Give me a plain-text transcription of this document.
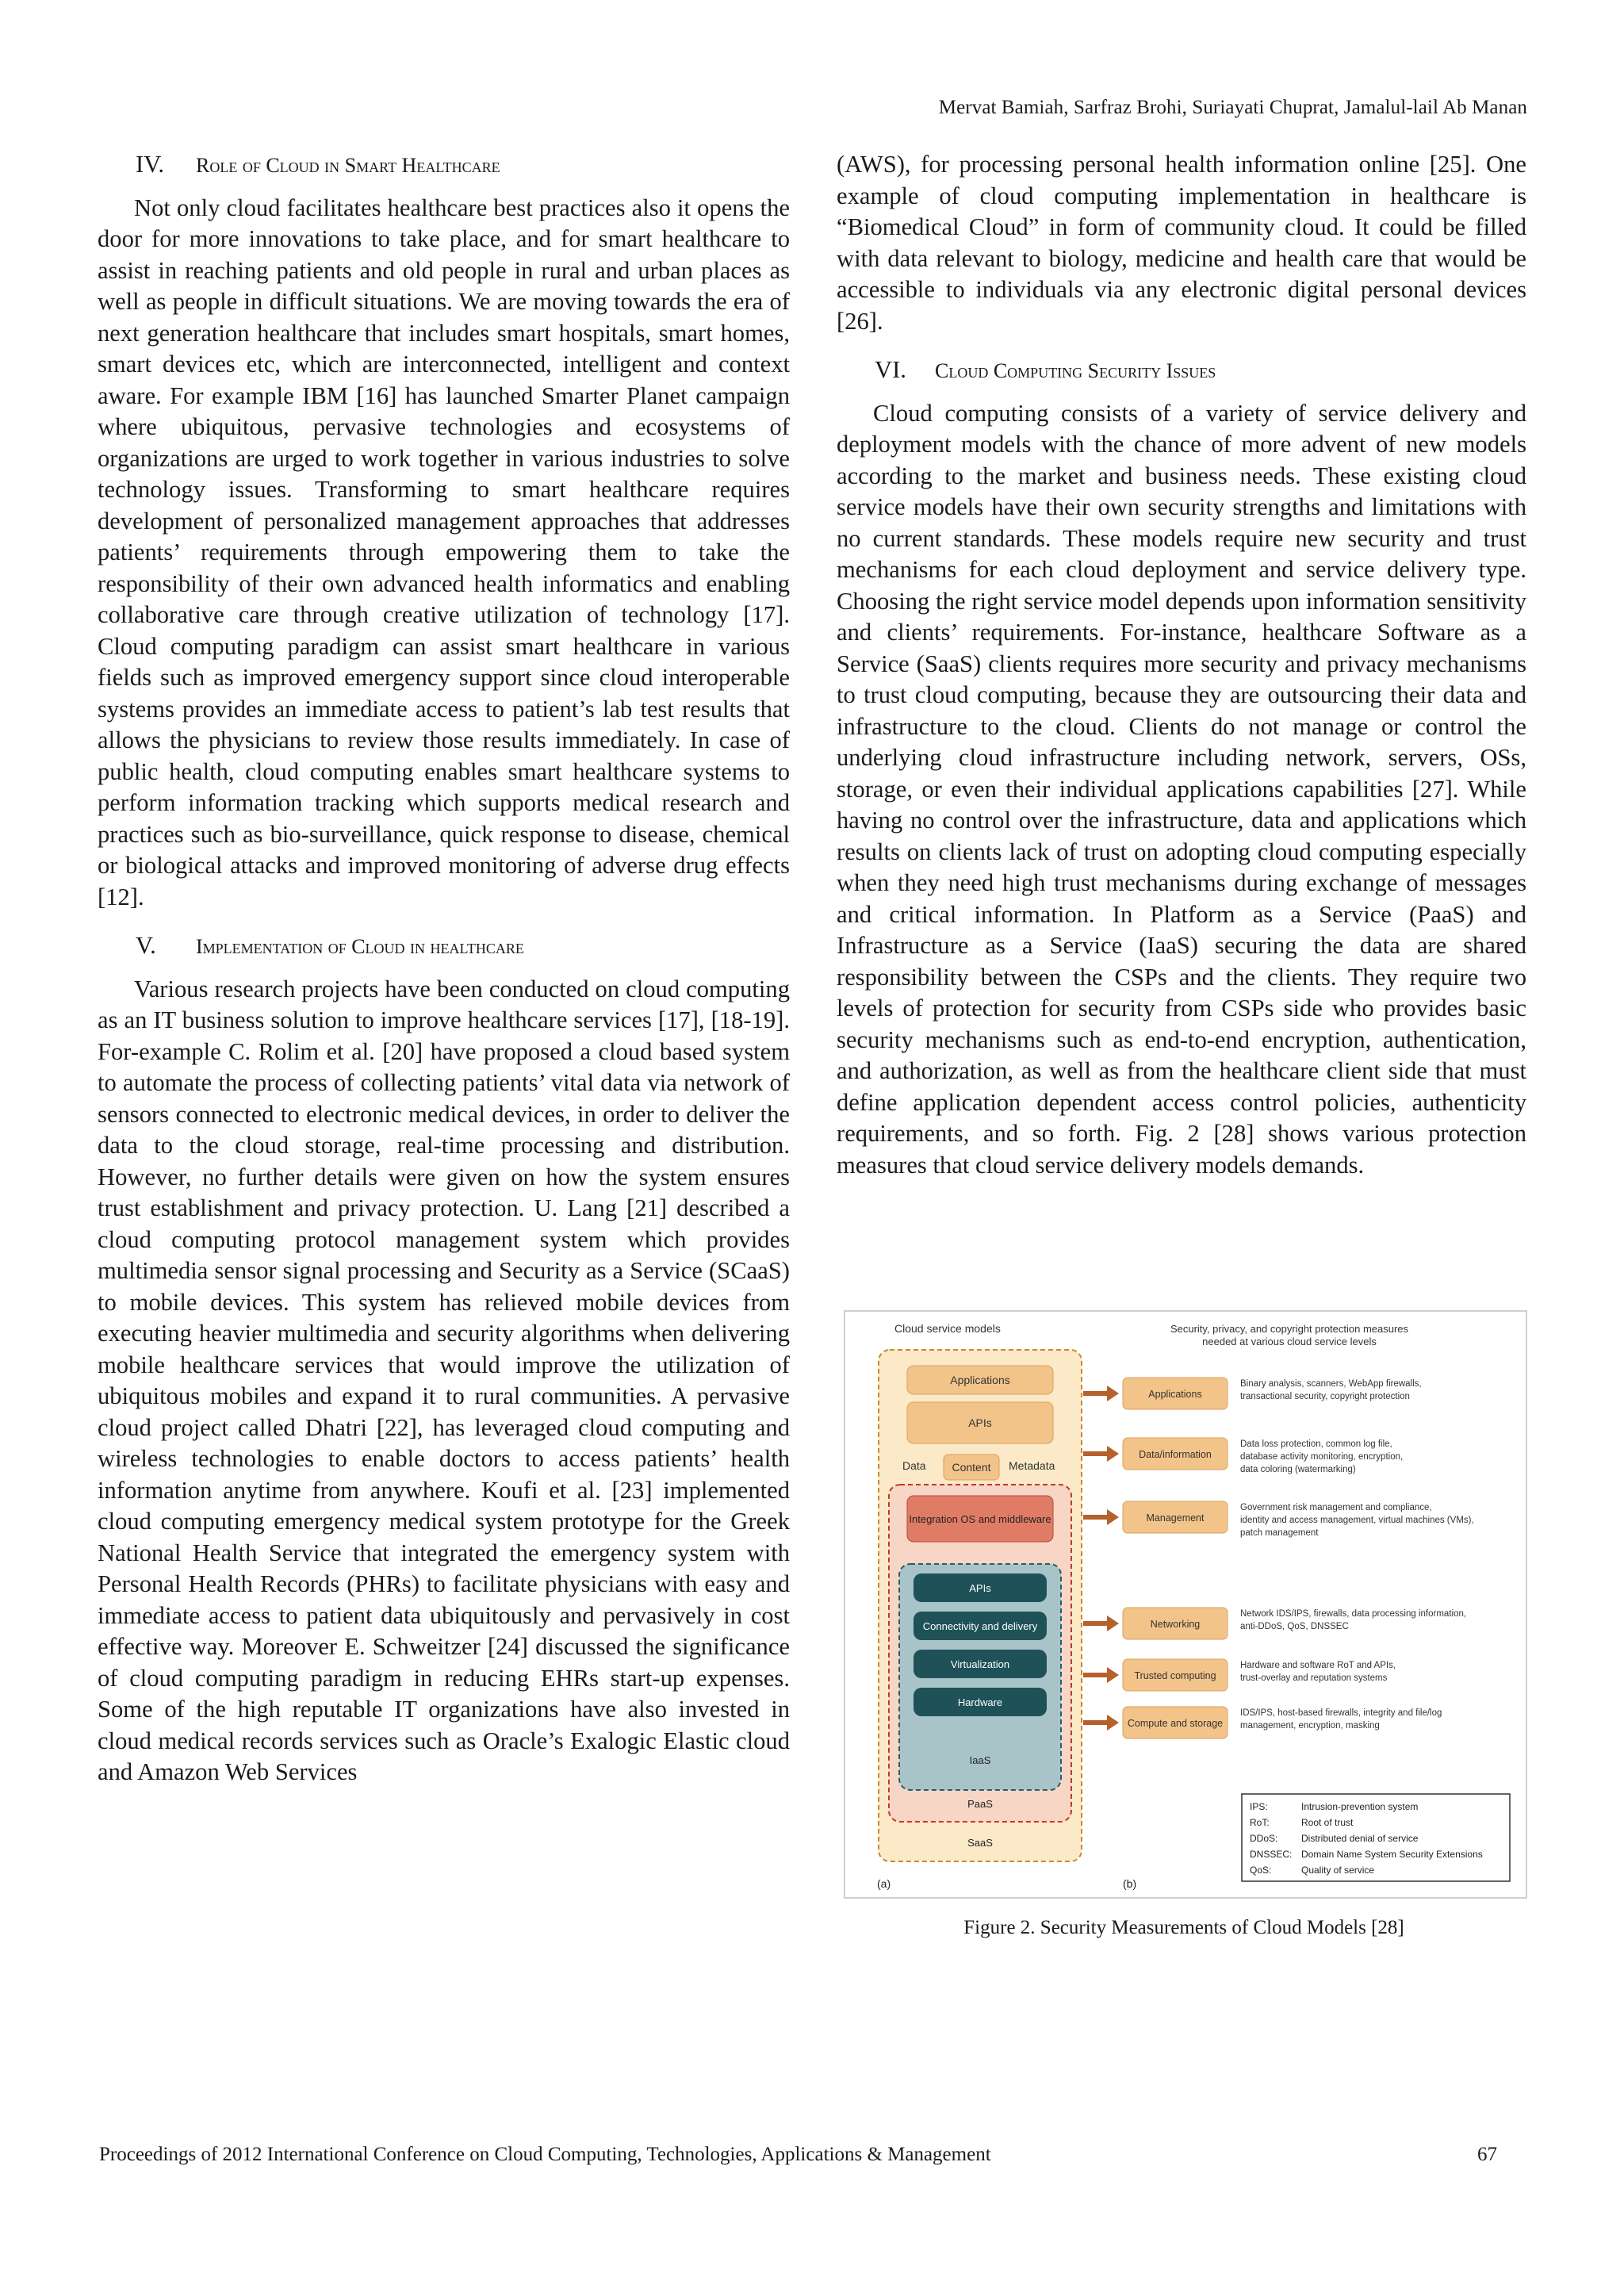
Mervat Bamiah, Sarfraz Brohi, Suriayati Chuprat, Jamalul-lail Ab Manan
IV. Role of Cloud in Smart Healthcare

Not only cloud facilitates healthcare best practices also it opens the door for more innovations to take place, and for smart healthcare to assist in reaching patients and old people in rural and urban places as well as people in difficult situations. We are moving towards the era of next generation healthcare that includes smart hospitals, smart homes, smart devices etc, which are interconnected, intelligent and context aware. For example IBM [16] has launched Smarter Planet campaign where ubiquitous, pervasive technologies and ecosystems of organizations are urged to work together in various industries to solve technology issues. Transforming to smart healthcare requires development of personalized management approaches that addresses patients’ requirements through empowering them to take the responsibility of their own advanced health informatics and enabling collaborative care through creative utilization of technology [17]. Cloud computing paradigm can assist smart healthcare in various fields such as improved emergency support since cloud interoperable systems provides an immediate access to patient’s lab test results that allows the physicians to review those results immediately. In case of public health, cloud computing enables smart healthcare systems to perform information tracking which supports medical research and practices such as bio-surveillance, quick response to disease, chemical or biological attacks and improved monitoring of adverse drug effects [12].

V. Implementation of Cloud in healthcare

Various research projects have been conducted on cloud computing as an IT business solution to improve healthcare services [17], [18-19]. For-example C. Rolim et al. [20] have proposed a cloud based system to automate the process of collecting patients’ vital data via network of sensors connected to electronic medical devices, in order to deliver the data to the cloud storage, real-time processing and distribution. However, no further details were given on how the system ensures trust establishment and privacy protection. U. Lang [21] described a cloud computing protocol management system which provides multimedia sensor signal processing and Security as a Service (SCaaS) to mobile devices. This system has relieved mobile devices from executing heavier multimedia and security algorithms when delivering mobile healthcare services that would improve the utilization of ubiquitous mobiles and expand it to rural communities. A pervasive cloud project called Dhatri [22], has leveraged cloud computing and wireless technologies to enable doctors to access patients’ health information anytime from anywhere. Koufi et al. [23] implemented cloud computing emergency medical system prototype for the Greek National Health Service that integrated the emergency system with Personal Health Records (PHRs) to facilitate physicians with easy and immediate access to patient data ubiquitously and pervasively in cost effective way. Moreover E. Schweitzer [24] discussed the significance of cloud computing paradigm in reducing EHRs start-up expenses. Some of the high reputable IT organizations have also invested in cloud medical records services such as Oracle’s Exalogic Elastic cloud and Amazon Web Services

(AWS), for processing personal health information online [25]. One example of cloud computing implementation in healthcare is “Biomedical Cloud” in form of community cloud. It could be filled with data relevant to biology, medicine and health care that would be accessible to individuals via any electronic digital personal devices [26].

VI. Cloud Computing Security Issues

Cloud computing consists of a variety of service delivery and deployment models with the chance of more advent of new models according to the market and business needs. These existing cloud service models have their own security strengths and limitations with no current standards. These models require new security and trust mechanisms for each cloud deployment and service delivery type. Choosing the right service model depends upon information sensitivity and clients’ requirements. For-instance, healthcare Software as a Service (SaaS) clients requires more security and privacy mechanisms to trust cloud computing, because they are outsourcing their data and infrastructure to the cloud. Clients do not manage or control the underlying cloud infrastructure including network, servers, OSs, storage, or even their individual applications capabilities [27]. While having no control over the infrastructure, data and applications which results on clients lack of trust on adopting cloud computing especially when they need high trust mechanisms during exchange of messages and critical information. In Platform as a Service (PaaS) and Infrastructure as a Service (IaaS) securing the data are shared responsibility between the CSPs and the clients. They require two levels of protection for security from CSPs side who provides basic security mechanisms such as end-to-end encryption, authentication, and authorization, as well as from the healthcare client side that must define application dependent access control policies, authenticity requirements, and so forth. Fig. 2 [28] shows various protection measures that cloud service delivery models demands.

Cloud service models	Security, privacy, and copyright protection measures
needed at various cloud service levels
Applications
APIs
Data Content Metadata
Integration OS and middleware
APIs
Connectivity and delivery
Virtualization
Hardware
IaaS
PaaS
SaaS
(a)	(b)
Applications
Binary analysis, scanners, WebApp firewalls,
transactional security, copyright protection
Data/information
Data loss protection, common log file,
database activity monitoring, encryption,
data coloring (watermarking)
Management
Government risk management and compliance,
identity and access management, virtual machines (VMs),
patch management
Networking
Network IDS/IPS, firewalls, data processing information,
anti-DDoS, QoS, DNSSEC
Trusted computing
Hardware and software RoT and APIs,
trust-overlay and reputation systems
Compute and storage
IDS/IPS, host-based firewalls, integrity and file/log
management, encryption, masking
IPS:	Intrusion-prevention system
RoT:	Root of trust
DDoS: Distributed denial of service
DNSSEC: Domain Name System Security Extensions
QoS:	Quality of service
Figure 2. Security Measurements of Cloud Models [28]
Proceedings of 2012 International Conference on Cloud Computing, Technologies, Applications & Management	67
